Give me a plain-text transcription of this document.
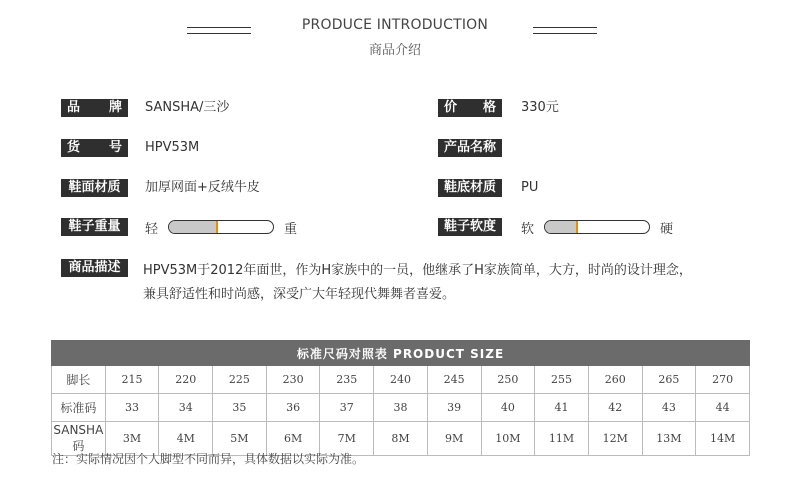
PRODUCE INTRODUCTION
商品介绍
品 牌 SANSHA/三沙	价 格 330元
货 号 HPV53M	产品名称
鞋面材质	加厚网面+反绒牛皮	鞋底材质	PU
鞋子重量	轻	重	鞋子软度	软	硬
商品描述	HPV53M于2012年面世，作为H家族中的一员，他继承了H家族简单，大方，时尚的设计理念，
兼具舒适性和时尚感，深受广大年轻现代舞舞者喜爱。
标准尺码对照表 PRODUCT SIZE												
脚长	215	220	225	230	235	240	245	250	255	260	265	270
标准码	33	34	35	36	37	38	39	40	41	42	43	44
SANSHA码	3M	4M	5M	6M	7M	8M	9M	10M	11M	12M	13M	14M
注：实际情况因个人脚型不同而异，具体数据以实际为准。
